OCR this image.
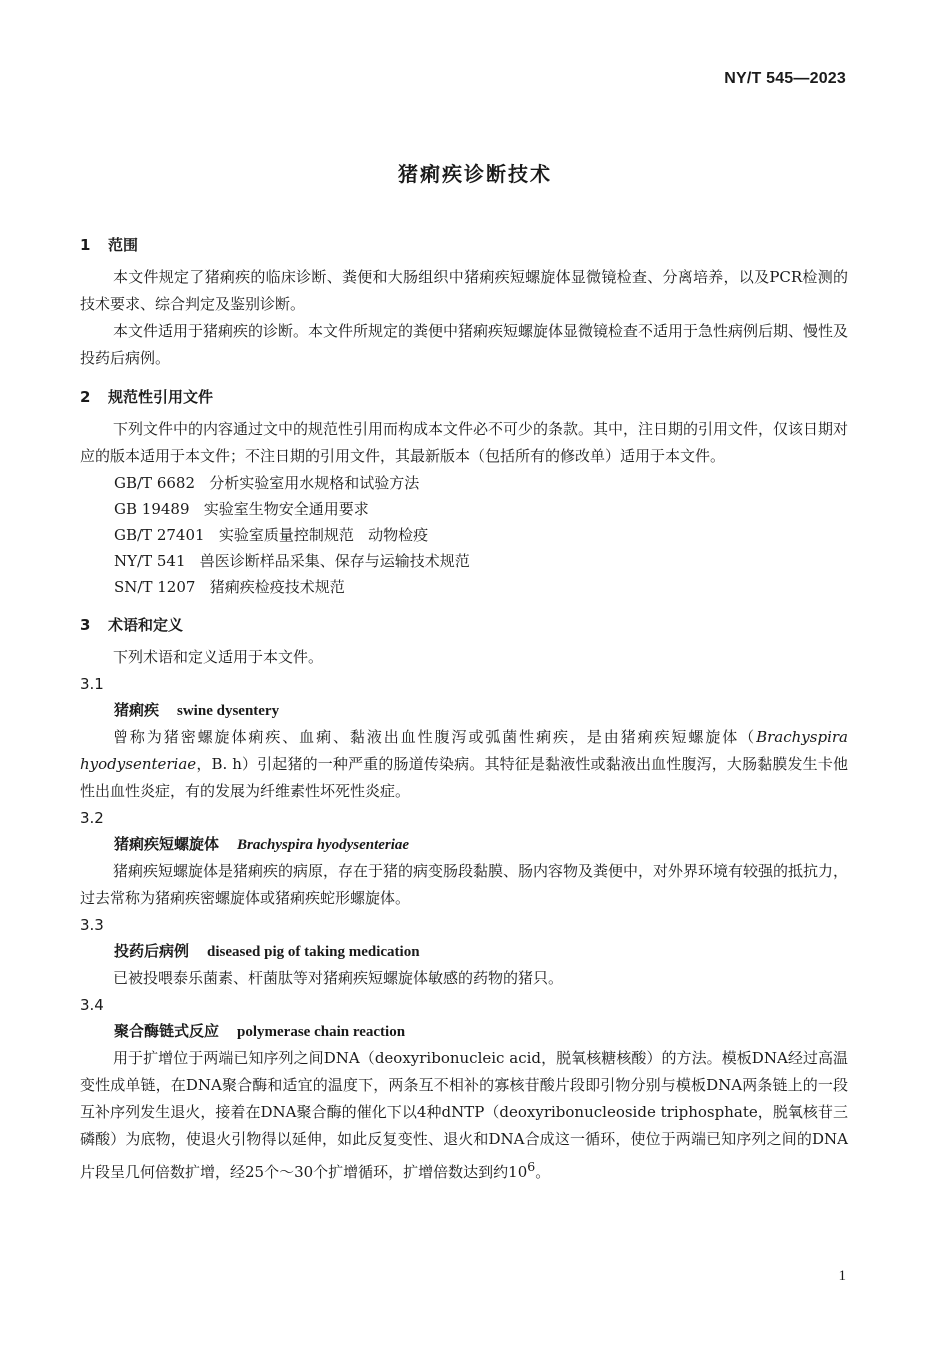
NY/T 545—2023
猪痢疾诊断技术
1 范围

本文件规定了猪痢疾的临床诊断、粪便和大肠组织中猪痢疾短螺旋体显微镜检查、分离培养，以及PCR检测的技术要求、综合判定及鉴别诊断。

本文件适用于猪痢疾的诊断。本文件所规定的粪便中猪痢疾短螺旋体显微镜检查不适用于急性病例后期、慢性及投药后病例。

2 规范性引用文件

下列文件中的内容通过文中的规范性引用而构成本文件必不可少的条款。其中，注日期的引用文件，仅该日期对应的版本适用于本文件；不注日期的引用文件，其最新版本（包括所有的修改单）适用于本文件。

GB/T 6682   分析实验室用水规格和试验方法
GB 19489   实验室生物安全通用要求
GB/T 27401   实验室质量控制规范   动物检疫
NY/T 541   兽医诊断样品采集、保存与运输技术规范
SN/T 1207   猪痢疾检疫技术规范
3 术语和定义

下列术语和定义适用于本文件。

3.1
猪痢疾 swine dysentery

曾称为猪密螺旋体痢疾、血痢、黏液出血性腹泻或弧菌性痢疾，是由猪痢疾短螺旋体（Brachyspira hyodysenteriae，B. h）引起猪的一种严重的肠道传染病。其特征是黏液性或黏液出血性腹泻，大肠黏膜发生卡他性出血性炎症，有的发展为纤维素性坏死性炎症。

3.2
猪痢疾短螺旋体 Brachyspira hyodysenteriae

猪痢疾短螺旋体是猪痢疾的病原，存在于猪的病变肠段黏膜、肠内容物及粪便中，对外界环境有较强的抵抗力，过去常称为猪痢疾密螺旋体或猪痢疾蛇形螺旋体。

3.3
投药后病例 diseased pig of taking medication

已被投喂泰乐菌素、杆菌肽等对猪痢疾短螺旋体敏感的药物的猪只。

3.4
聚合酶链式反应 polymerase chain reaction

用于扩增位于两端已知序列之间DNA（deoxyribonucleic acid，脱氧核糖核酸）的方法。模板DNA经过高温变性成单链，在DNA聚合酶和适宜的温度下，两条互不相补的寡核苷酸片段即引物分别与模板DNA两条链上的一段互补序列发生退火，接着在DNA聚合酶的催化下以4种dNTP（deoxyribonucleoside triphosphate，脱氧核苷三磷酸）为底物，使退火引物得以延伸，如此反复变性、退火和DNA合成这一循环，使位于两端已知序列之间的DNA片段呈几何倍数扩增，经25个～30个扩增循环，扩增倍数达到约$10^6$。

1
